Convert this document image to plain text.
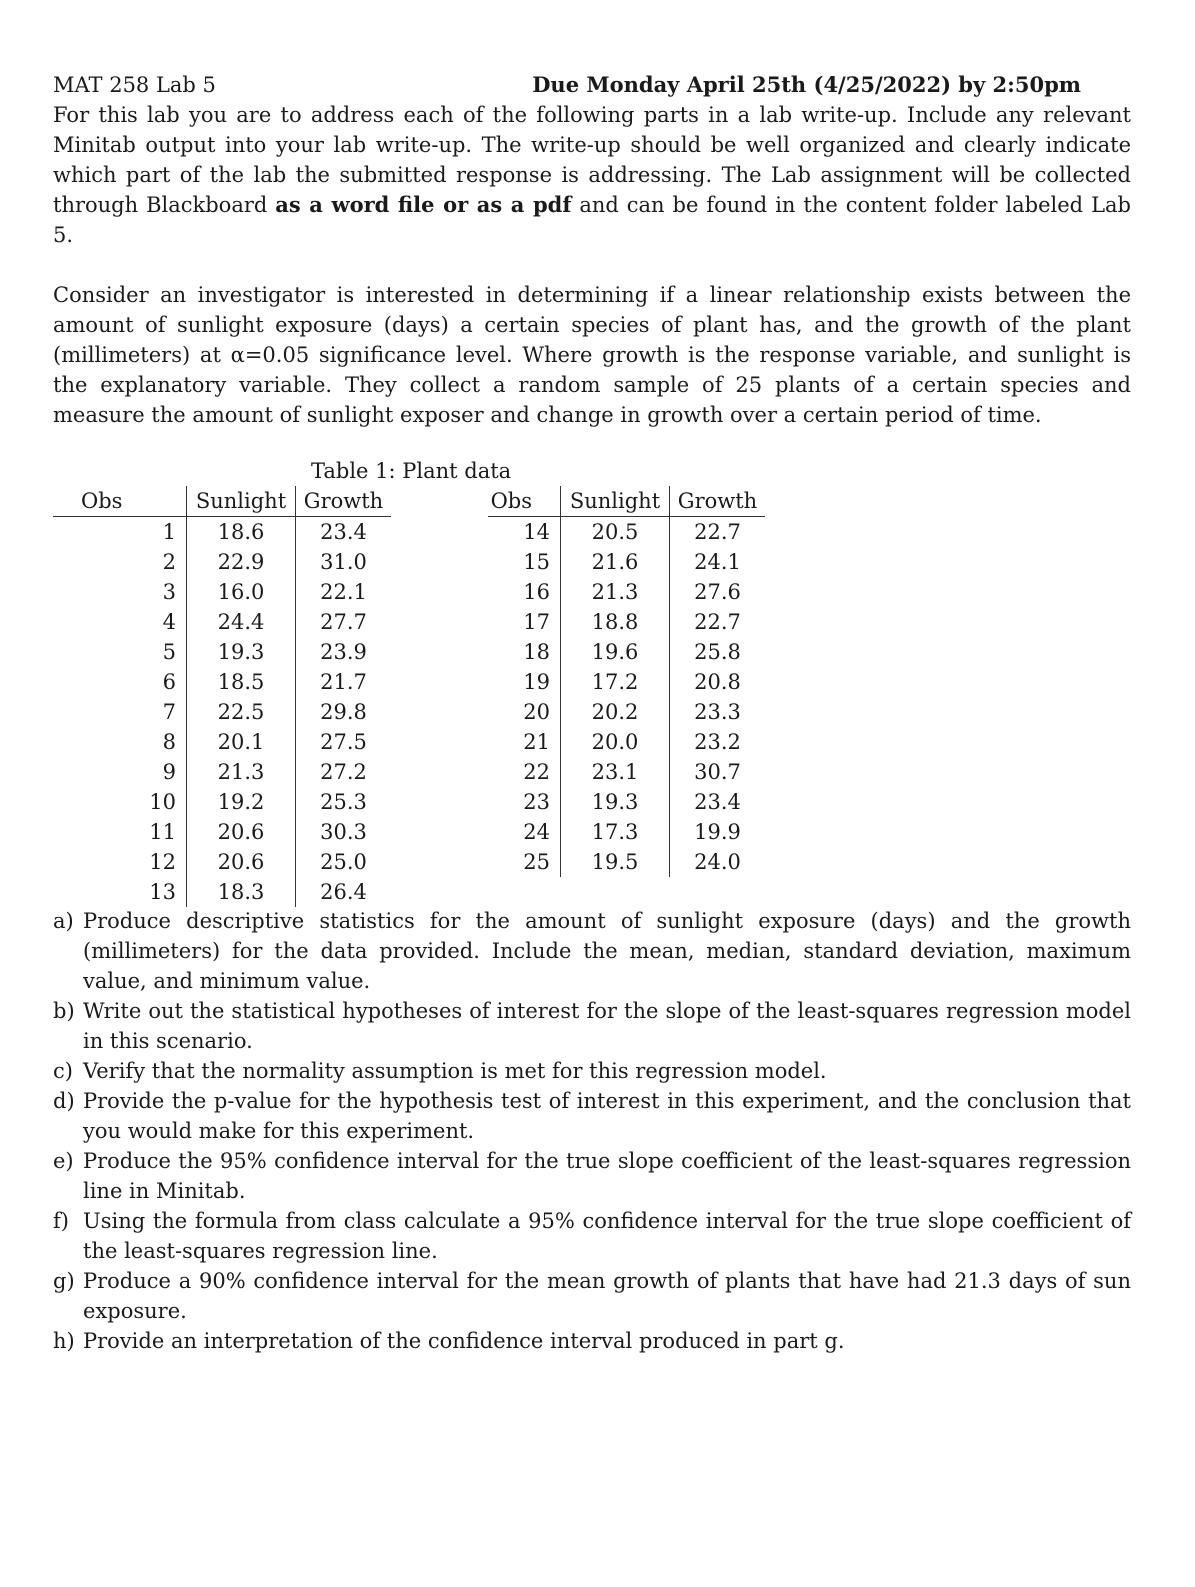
MAT 258 Lab 5	Due Monday April 25th (4/25/2022) by 2:50pm

For this lab you are to address each of the following parts in a lab write-up. Include any relevant Minitab output into your lab write-up. The write-up should be well organized and clearly indicate which part of the lab the submitted response is addressing. The Lab assignment will be collected through Blackboard as a word file or as a pdf and can be found in the content folder labeled Lab 5.

Consider an investigator is interested in determining if a linear relationship exists between the amount of sunlight exposure (days) a certain species of plant has, and the growth of the plant (millimeters) at α=0.05 significance level. Where growth is the response variable, and sunlight is the explanatory variable. They collect a random sample of 25 plants of a certain species and measure the amount of sunlight exposer and change in growth over a certain period of time.

Table 1: Plant data
Obs	Sunlight	Growth
1	18.6	23.4
2	22.9	31.0
3	16.0	22.1
4	24.4	27.7
5	19.3	23.9
6	18.5	21.7
7	22.5	29.8
8	20.1	27.5
9	21.3	27.2
10	19.2	25.3
11	20.6	30.3
12	20.6	25.0
13	18.3	26.4
Obs	Sunlight	Growth
14	20.5	22.7
15	21.6	24.1
16	21.3	27.6
17	18.8	22.7
18	19.6	25.8
19	17.2	20.8
20	20.2	23.3
21	20.0	23.2
22	23.1	30.7
23	19.3	23.4
24	17.3	19.9
25	19.5	24.0
a) Produce descriptive statistics for the amount of sunlight exposure (days) and the growth (millimeters) for the data provided. Include the mean, median, standard deviation, maximum value, and minimum value.
b) Write out the statistical hypotheses of interest for the slope of the least-squares regression model in this scenario.
c) Verify that the normality assumption is met for this regression model.
d) Provide the p-value for the hypothesis test of interest in this experiment, and the conclusion that you would make for this experiment.
e) Produce the 95% confidence interval for the true slope coefficient of the least-squares regression line in Minitab.
f) Using the formula from class calculate a 95% confidence interval for the true slope coefficient of the least-squares regression line.
g) Produce a 90% confidence interval for the mean growth of plants that have had 21.3 days of sun exposure.
h) Provide an interpretation of the confidence interval produced in part g.
